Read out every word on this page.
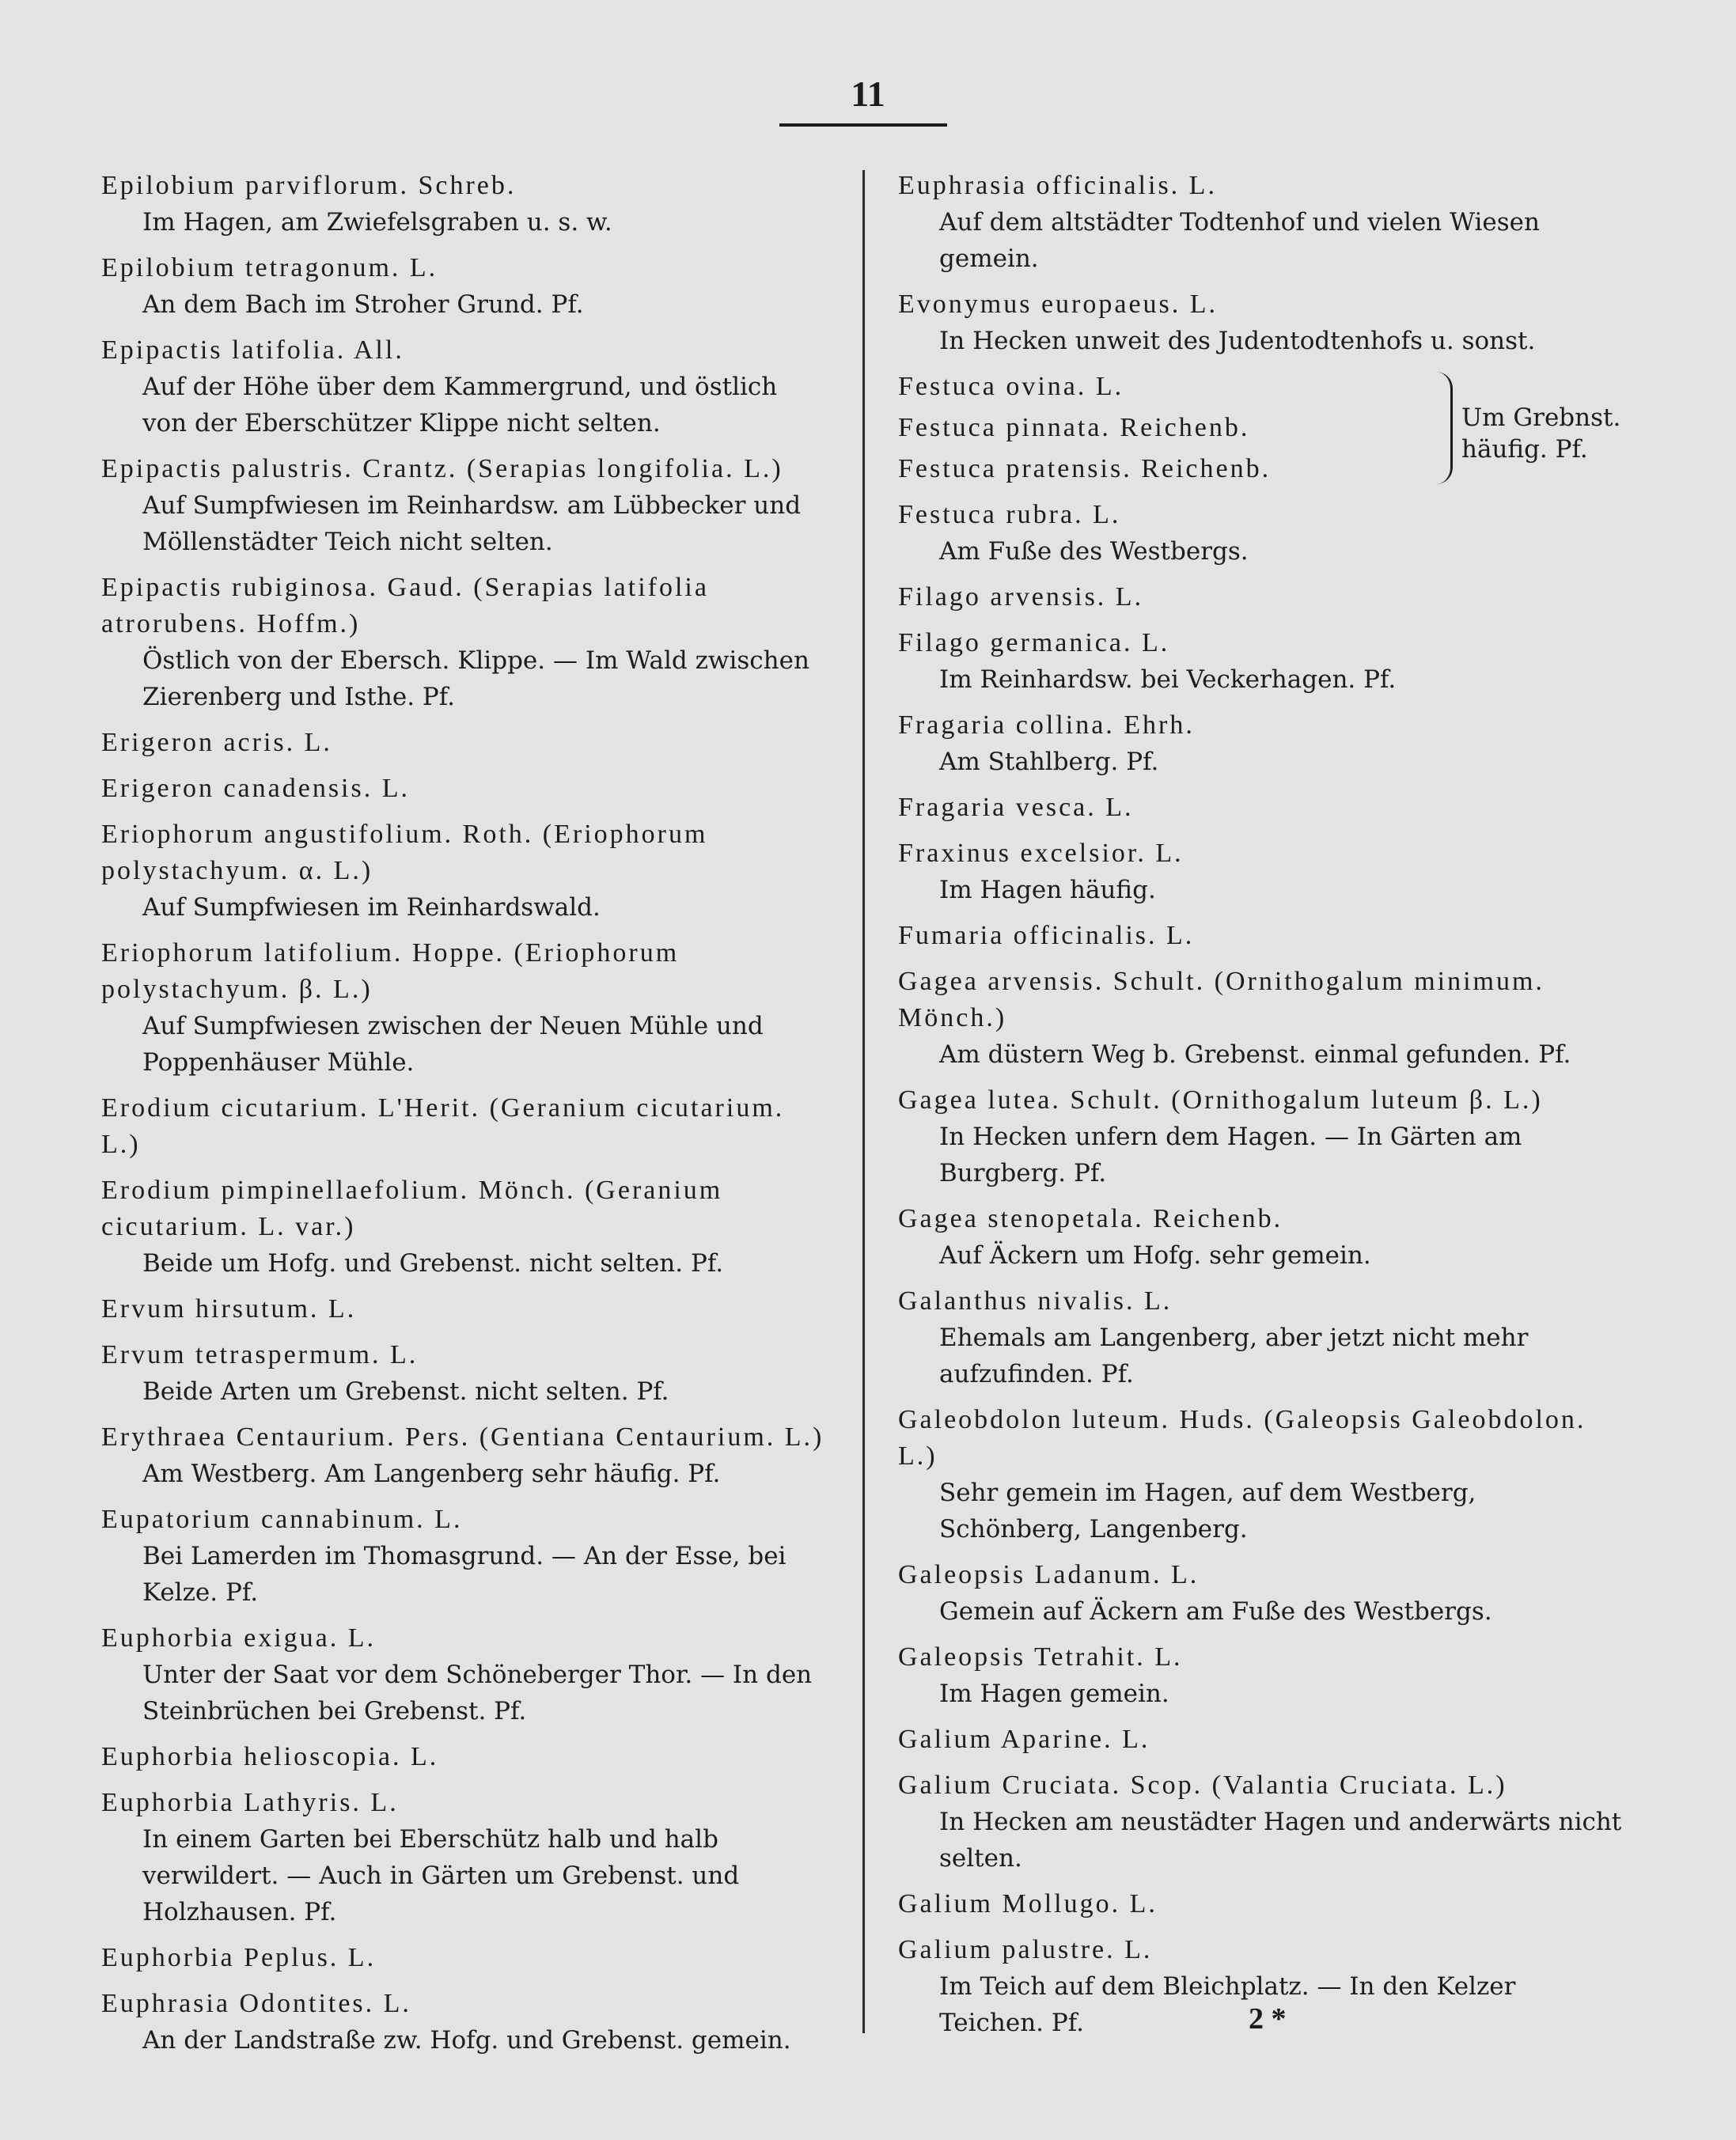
11
Epilobium parviflorum. Schreb.
Im Hagen, am Zwiefelsgraben u. s. w.
Epilobium tetragonum. L.
An dem Bach im Stroher Grund. Pf.
Epipactis latifolia. All.
Auf der Höhe über dem Kammergrund, und östlich von der Eberschützer Klippe nicht selten.
Epipactis palustris. Crantz. (Serapias longifolia. L.)
Auf Sumpfwiesen im Reinhardsw. am Lübbecker und Möllenstädter Teich nicht selten.
Epipactis rubiginosa. Gaud. (Serapias latifolia atrorubens. Hoffm.)
Östlich von der Ebersch. Klippe. — Im Wald zwischen Zierenberg und Isthe. Pf.
Erigeron acris. L.
Erigeron canadensis. L.
Eriophorum angustifolium. Roth. (Eriophorum polystachyum. α. L.)
Auf Sumpfwiesen im Reinhardswald.
Eriophorum latifolium. Hoppe. (Eriophorum polystachyum. β. L.)
Auf Sumpfwiesen zwischen der Neuen Mühle und Poppenhäuser Mühle.
Erodium cicutarium. L'Herit. (Geranium cicutarium. L.)
Erodium pimpinellaefolium. Mönch. (Geranium cicutarium. L. var.)
Beide um Hofg. und Grebenst. nicht selten. Pf.
Ervum hirsutum. L.
Ervum tetraspermum. L.
Beide Arten um Grebenst. nicht selten. Pf.
Erythraea Centaurium. Pers. (Gentiana Centaurium. L.)
Am Westberg. Am Langenberg sehr häufig. Pf.
Eupatorium cannabinum. L.
Bei Lamerden im Thomasgrund. — An der Esse, bei Kelze. Pf.
Euphorbia exigua. L.
Unter der Saat vor dem Schöneberger Thor. — In den Steinbrüchen bei Grebenst. Pf.
Euphorbia helioscopia. L.
Euphorbia Lathyris. L.
In einem Garten bei Eberschütz halb und halb verwildert. — Auch in Gärten um Grebenst. und Holzhausen. Pf.
Euphorbia Peplus. L.
Euphrasia Odontites. L.
An der Landstraße zw. Hofg. und Grebenst. gemein.
Euphrasia officinalis. L.
Auf dem altstädter Todtenhof und vielen Wiesen gemein.
Evonymus europaeus. L.
In Hecken unweit des Judentodtenhofs u. sonst.
Festuca ovina. L.
Festuca pinnata. Reichenb.
Festuca pratensis. Reichenb.
Um Grebnst. häufig. Pf.
Festuca rubra. L.
Am Fuße des Westbergs.
Filago arvensis. L.
Filago germanica. L.
Im Reinhardsw. bei Veckerhagen. Pf.
Fragaria collina. Ehrh.
Am Stahlberg. Pf.
Fragaria vesca. L.
Fraxinus excelsior. L.
Im Hagen häufig.
Fumaria officinalis. L.
Gagea arvensis. Schult. (Ornithogalum minimum. Mönch.)
Am düstern Weg b. Grebenst. einmal gefunden. Pf.
Gagea lutea. Schult. (Ornithogalum luteum β. L.)
In Hecken unfern dem Hagen. — In Gärten am Burgberg. Pf.
Gagea stenopetala. Reichenb.
Auf Äckern um Hofg. sehr gemein.
Galanthus nivalis. L.
Ehemals am Langenberg, aber jetzt nicht mehr aufzufinden. Pf.
Galeobdolon luteum. Huds. (Galeopsis Galeobdolon. L.)
Sehr gemein im Hagen, auf dem Westberg, Schönberg, Langenberg.
Galeopsis Ladanum. L.
Gemein auf Äckern am Fuße des Westbergs.
Galeopsis Tetrahit. L.
Im Hagen gemein.
Galium Aparine. L.
Galium Cruciata. Scop. (Valantia Cruciata. L.)
In Hecken am neustädter Hagen und anderwärts nicht selten.
Galium Mollugo. L.
Galium palustre. L.
Im Teich auf dem Bleichplatz. — In den Kelzer Teichen. Pf.	2 *
